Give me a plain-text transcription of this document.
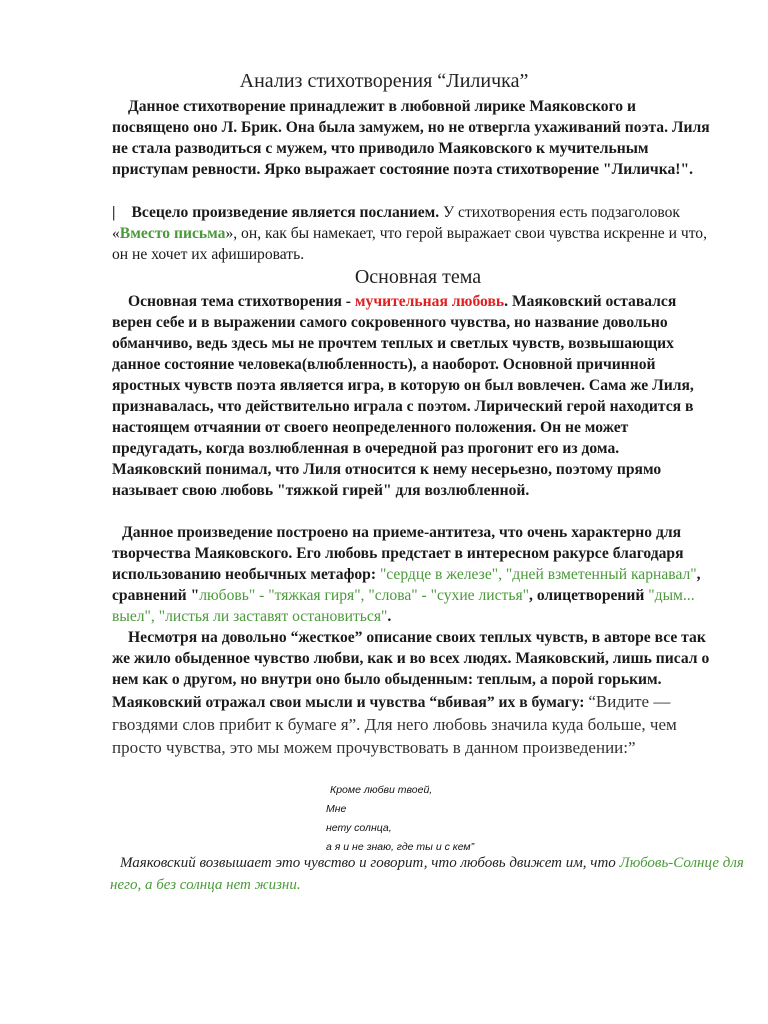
Анализ стихотворения “Лиличка”
Данное стихотворение принадлежит в любовной лирике Маяковского и посвящено оно Л. Брик. Она была замужем, но не отвергла ухаживаний поэта. Лиля не стала разводиться с мужем, что приводило Маяковского к мучительным приступам ревности. Ярко выражает состояние поэта стихотворение "Лиличка!".
| Всецело произведение является посланием. У стихотворения есть подзаголовок «Вместо письма», он, как бы намекает, что герой выражает свои чувства искренне и что, он не хочет их афишировать.
Основная тема
Основная тема стихотворения - мучительная любовь. Маяковский оставался верен себе и в выражении самого сокровенного чувства, но название довольно обманчиво, ведь здесь мы не прочтем теплых и светлых чувств, возвышающих данное состояние человека(влюбленность), а наоборот. Основной причинной яростных чувств поэта является игра, в которую он был вовлечен. Сама же Лиля, признавалась, что действительно играла с поэтом. Лирический герой находится в настоящем отчаянии от своего неопределенного положения. Он не может предугадать, когда возлюбленная в очередной раз прогонит его из дома. Маяковский понимал, что Лиля относится к нему несерьезно, поэтому прямо называет свою любовь "тяжкой гирей" для возлюбленной.
Данное произведение построено на приеме-антитеза, что очень характерно для творчества Маяковского. Его любовь предстает в интересном ракурсе благодаря использованию необычных метафор: "сердце в железе", "дней взметенный карнавал", сравнений "любовь" - "тяжкая гиря", "слова" - "сухие листья", олицетворений "дым... выел", "листья ли заставят остановиться".
Несмотря на довольно “жесткое” описание своих теплых чувств, в авторе все так же жило обыденное чувство любви, как и во всех людях. Маяковский, лишь писал о нем как о другом, но внутри оно было обыденным: теплым, а порой горьким. Маяковский отражал свои мысли и чувства “вбивая” их в бумагу: “Видите —гвоздями слов прибит к бумаге я”. Для него любовь значила куда больше, чем просто чувства, это мы можем прочувствовать в данном произведении:”
Кроме любви твоей,
Мне
нету солнца,
а я и не знаю, где ты и с кем”
Маяковский возвышает это чувство и говорит, что любовь движет им, что Любовь-Солнце для него, а без солнца нет жизни.
